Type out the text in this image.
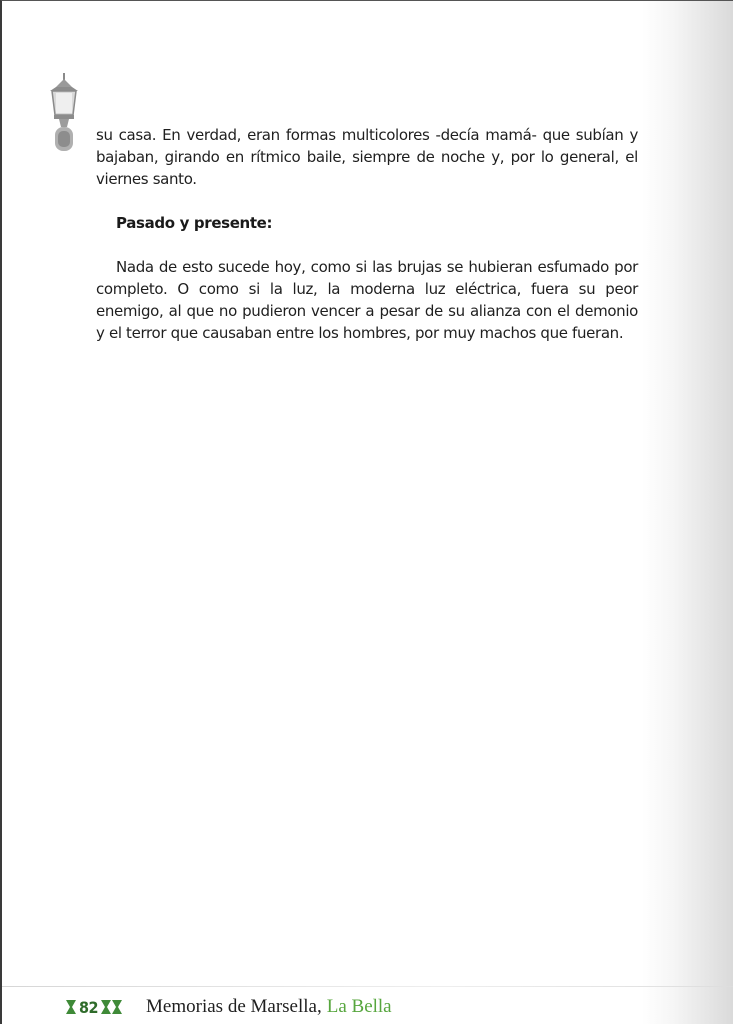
su casa. En verdad, eran formas multicolores -decía mamá- que subían y bajaban, girando en rítmico baile, siempre de noche y, por lo general, el viernes santo.

Pasado y presente:

Nada de esto sucede hoy, como si las brujas se hubieran esfumado por completo. O como si la luz, la moderna luz eléctrica, fuera su peor enemigo, al que no pudieron vencer a pesar de su alianza con el demonio y el terror que causaban entre los hombres, por muy machos que fueran.

82	Memorias de Marsella, La Bella
